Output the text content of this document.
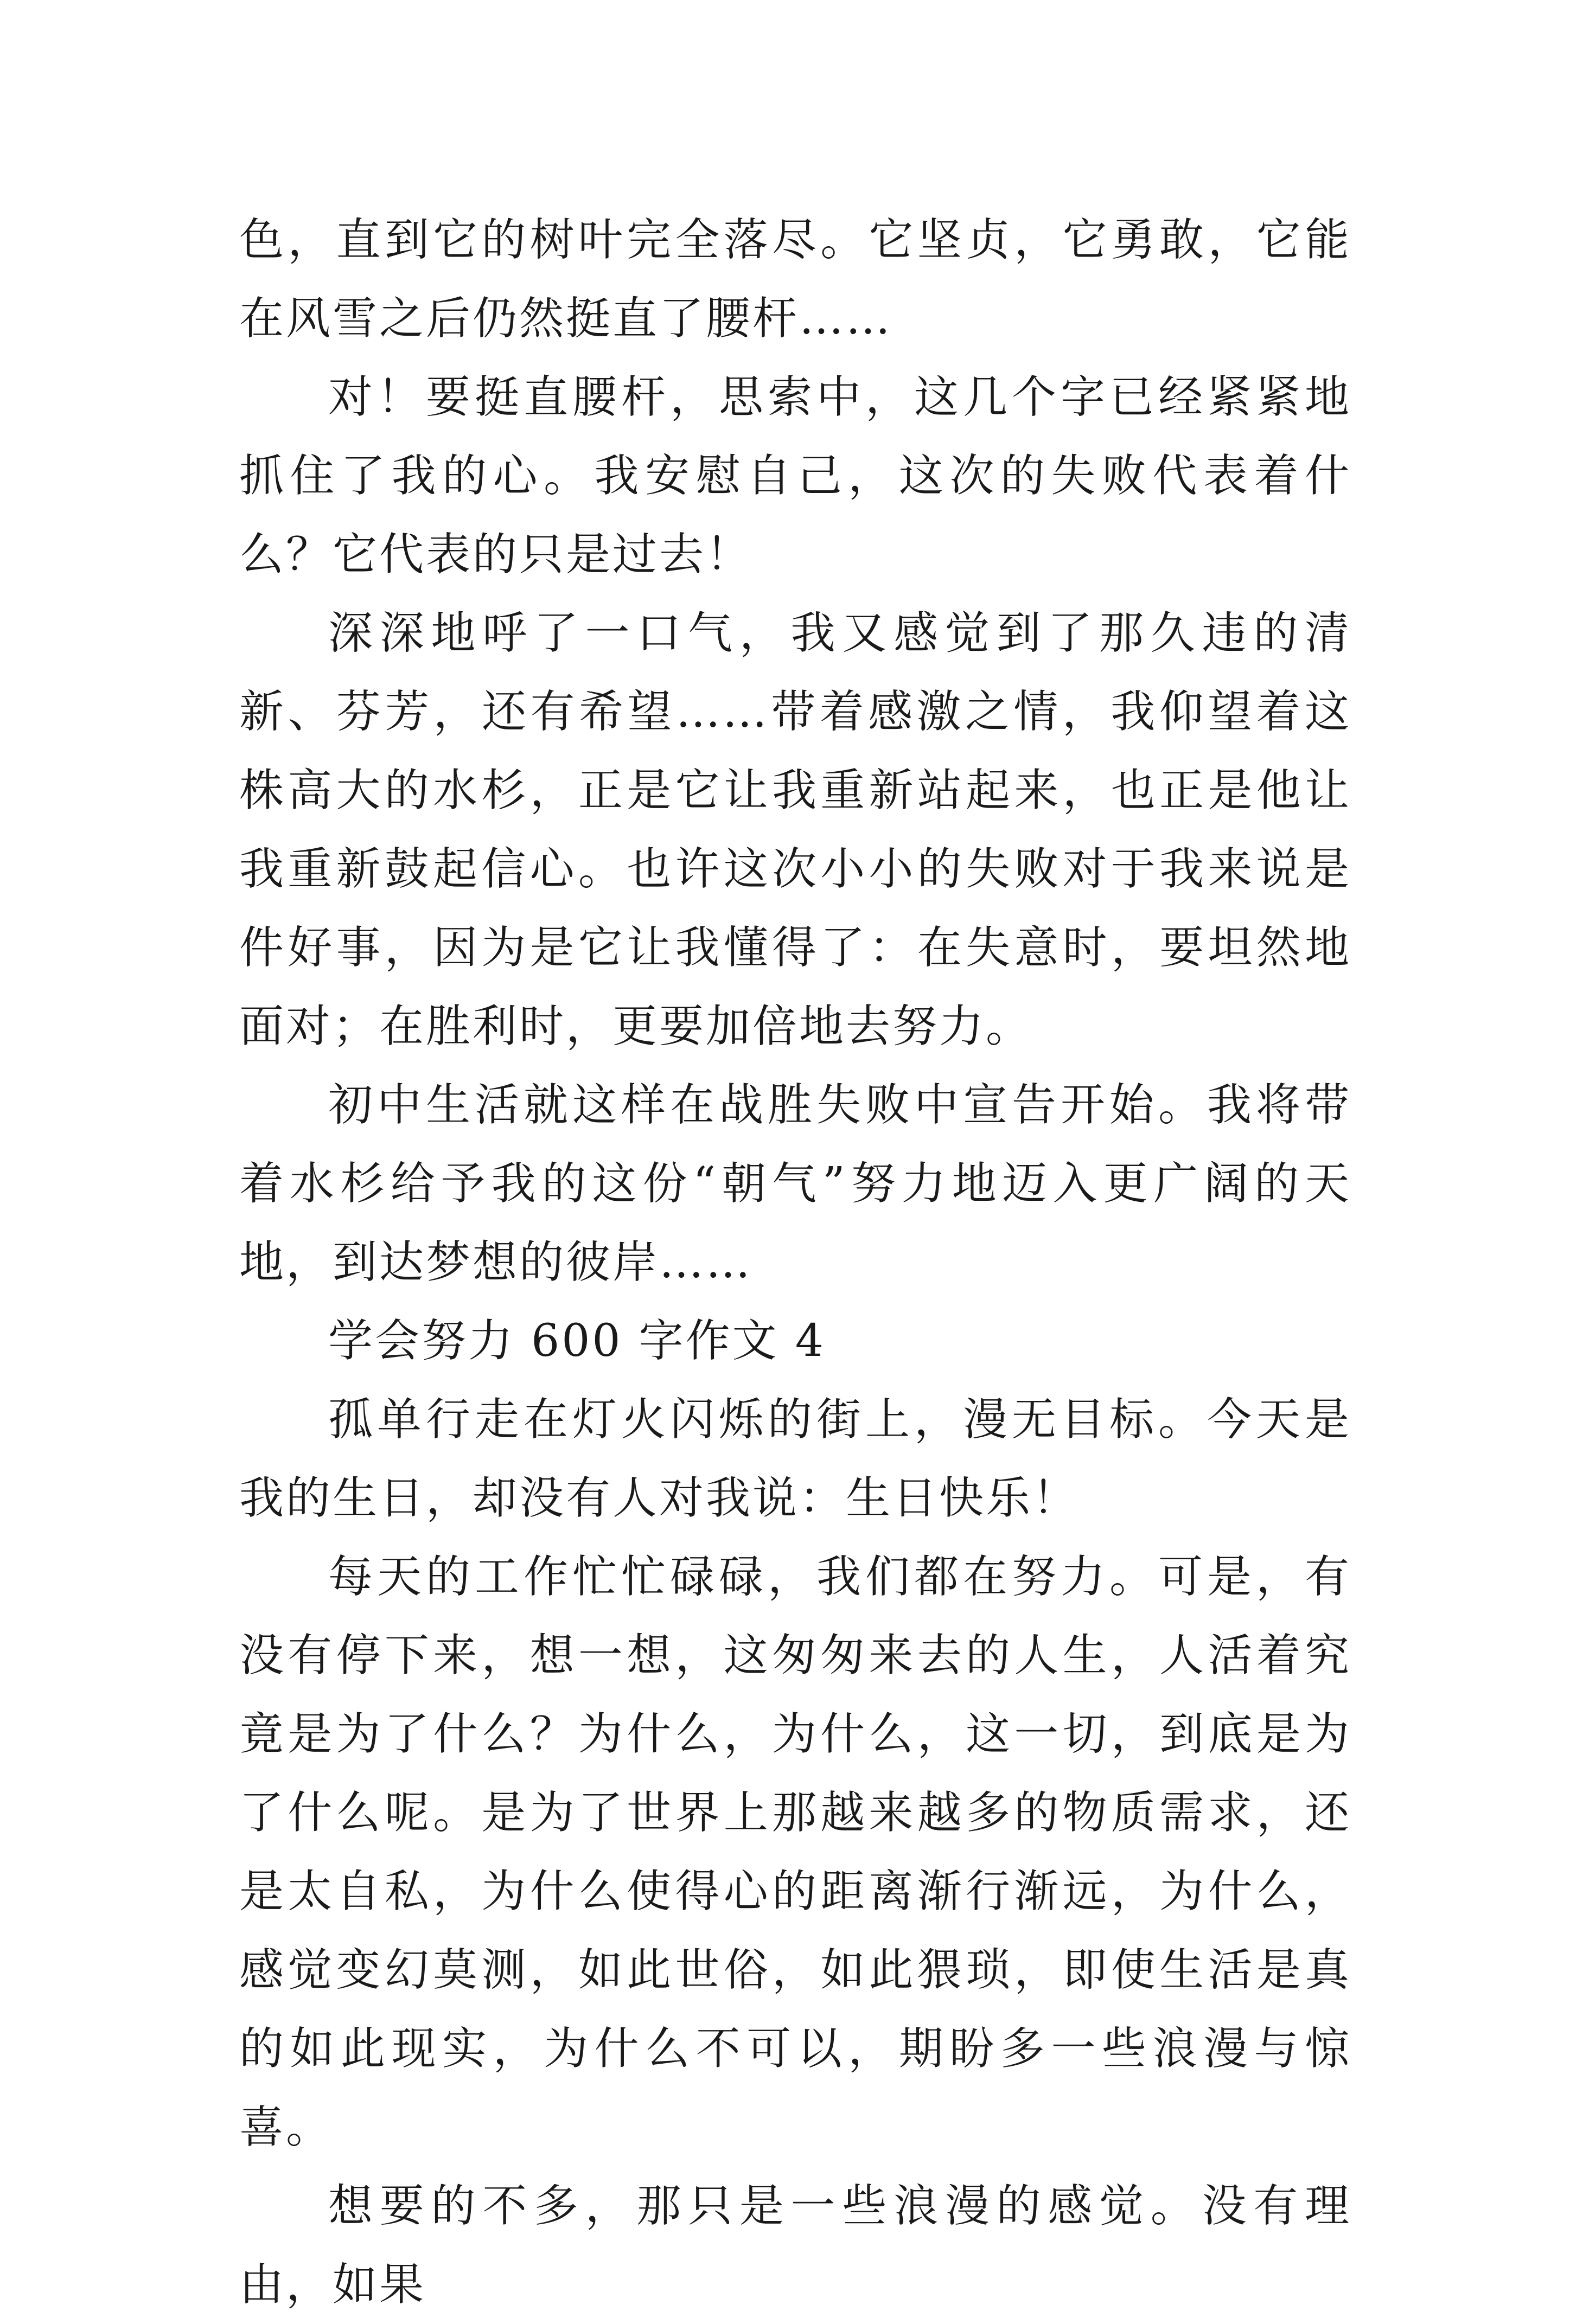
色，直到它的树叶完全落尽。它坚贞，它勇敢，它能在风雪之后仍然挺直了腰杆……

对！要挺直腰杆，思索中，这几个字已经紧紧地抓住了我的心。我安慰自己，这次的失败代表着什么？它代表的只是过去！

深深地呼了一口气，我又感觉到了那久违的清新、芬芳，还有希望……带着感激之情，我仰望着这株高大的水杉，正是它让我重新站起来，也正是他让我重新鼓起信心。也许这次小小的失败对于我来说是件好事，因为是它让我懂得了：在失意时，要坦然地面对；在胜利时，更要加倍地去努力。

初中生活就这样在战胜失败中宣告开始。我将带着水杉给予我的这份“朝气”努力地迈入更广阔的天地，到达梦想的彼岸……

学会努力 600 字作文 4

孤单行走在灯火闪烁的街上，漫无目标。今天是我的生日，却没有人对我说：生日快乐！

每天的工作忙忙碌碌，我们都在努力。可是，有没有停下来，想一想，这匆匆来去的人生，人活着究竟是为了什么？为什么，为什么，这一切，到底是为了什么呢。是为了世界上那越来越多的物质需求，还是太自私，为什么使得心的距离渐行渐远，为什么，感觉变幻莫测，如此世俗，如此猥琐，即使生活是真的如此现实，为什么不可以，期盼多一些浪漫与惊喜。

想要的不多，那只是一些浪漫的感觉。没有理由，如果
